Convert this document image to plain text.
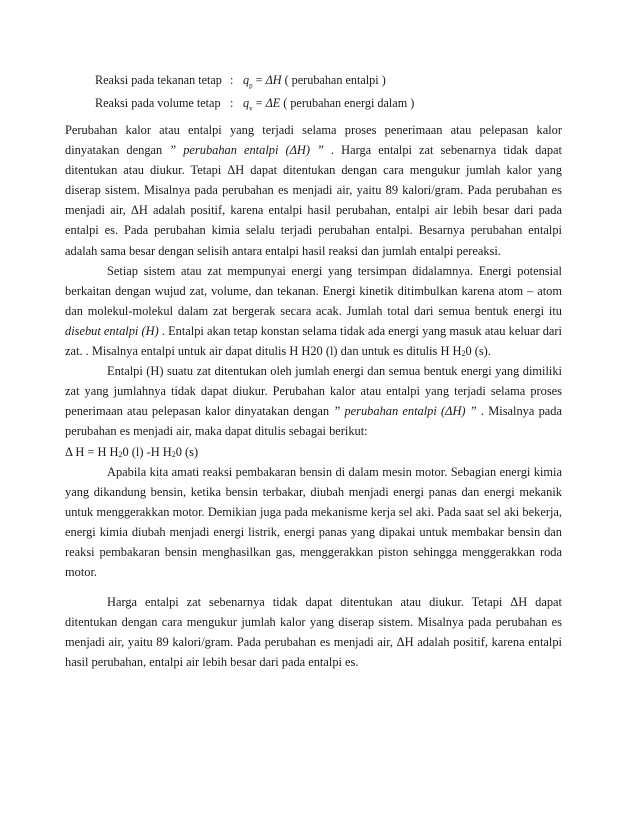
Reaksi pada tekanan tetap : $q_p = \Delta H$ ( perubahan entalpi )
Reaksi pada volume tetap : $q_v = \Delta E$ ( perubahan energi dalam )

Perubahan kalor atau entalpi yang terjadi selama proses penerimaan atau pelepasan kalor dinyatakan dengan ” perubahan entalpi (ΔH) ” . Harga entalpi zat sebenarnya tidak dapat ditentukan atau diukur. Tetapi ΔH dapat ditentukan dengan cara mengukur jumlah kalor yang diserap sistem. Misalnya pada perubahan es menjadi air, yaitu 89 kalori/gram. Pada perubahan es menjadi air, ΔH adalah positif, karena entalpi hasil perubahan, entalpi air lebih besar dari pada entalpi es. Pada perubahan kimia selalu terjadi perubahan entalpi. Besarnya perubahan entalpi adalah sama besar dengan selisih antara entalpi hasil reaksi dan jumlah entalpi pereaksi.

Setiap sistem atau zat mempunyai energi yang tersimpan didalamnya. Energi potensial berkaitan dengan wujud zat, volume, dan tekanan. Energi kinetik ditimbulkan karena atom – atom dan molekul-molekul dalam zat bergerak secara acak. Jumlah total dari semua bentuk energi itu disebut entalpi (H) . Entalpi akan tetap konstan selama tidak ada energi yang masuk atau keluar dari zat. . Misalnya entalpi untuk air dapat ditulis H H20 (l) dan untuk es ditulis H $H_20$ (s).

Entalpi (H) suatu zat ditentukan oleh jumlah energi dan semua bentuk energi yang dimiliki zat yang jumlahnya tidak dapat diukur. Perubahan kalor atau entalpi yang terjadi selama proses penerimaan atau pelepasan kalor dinyatakan dengan ” perubahan entalpi (ΔH) ” . Misalnya pada perubahan es menjadi air, maka dapat ditulis sebagai berikut:

Δ H = H $H_20$ (l) -H $H_20$ (s)

Apabila kita amati reaksi pembakaran bensin di dalam mesin motor. Sebagian energi kimia yang dikandung bensin, ketika bensin terbakar, diubah menjadi energi panas dan energi mekanik untuk menggerakkan motor. Demikian juga pada mekanisme kerja sel aki. Pada saat sel aki bekerja, energi kimia diubah menjadi energi listrik, energi panas yang dipakai untuk membakar bensin dan reaksi pembakaran bensin menghasilkan gas, menggerakkan piston sehingga menggerakkan roda motor.

Harga entalpi zat sebenarnya tidak dapat ditentukan atau diukur. Tetapi ΔH dapat ditentukan dengan cara mengukur jumlah kalor yang diserap sistem. Misalnya pada perubahan es menjadi air, yaitu 89 kalori/gram. Pada perubahan es menjadi air, ΔH adalah positif, karena entalpi hasil perubahan, entalpi air lebih besar dari pada entalpi es.
